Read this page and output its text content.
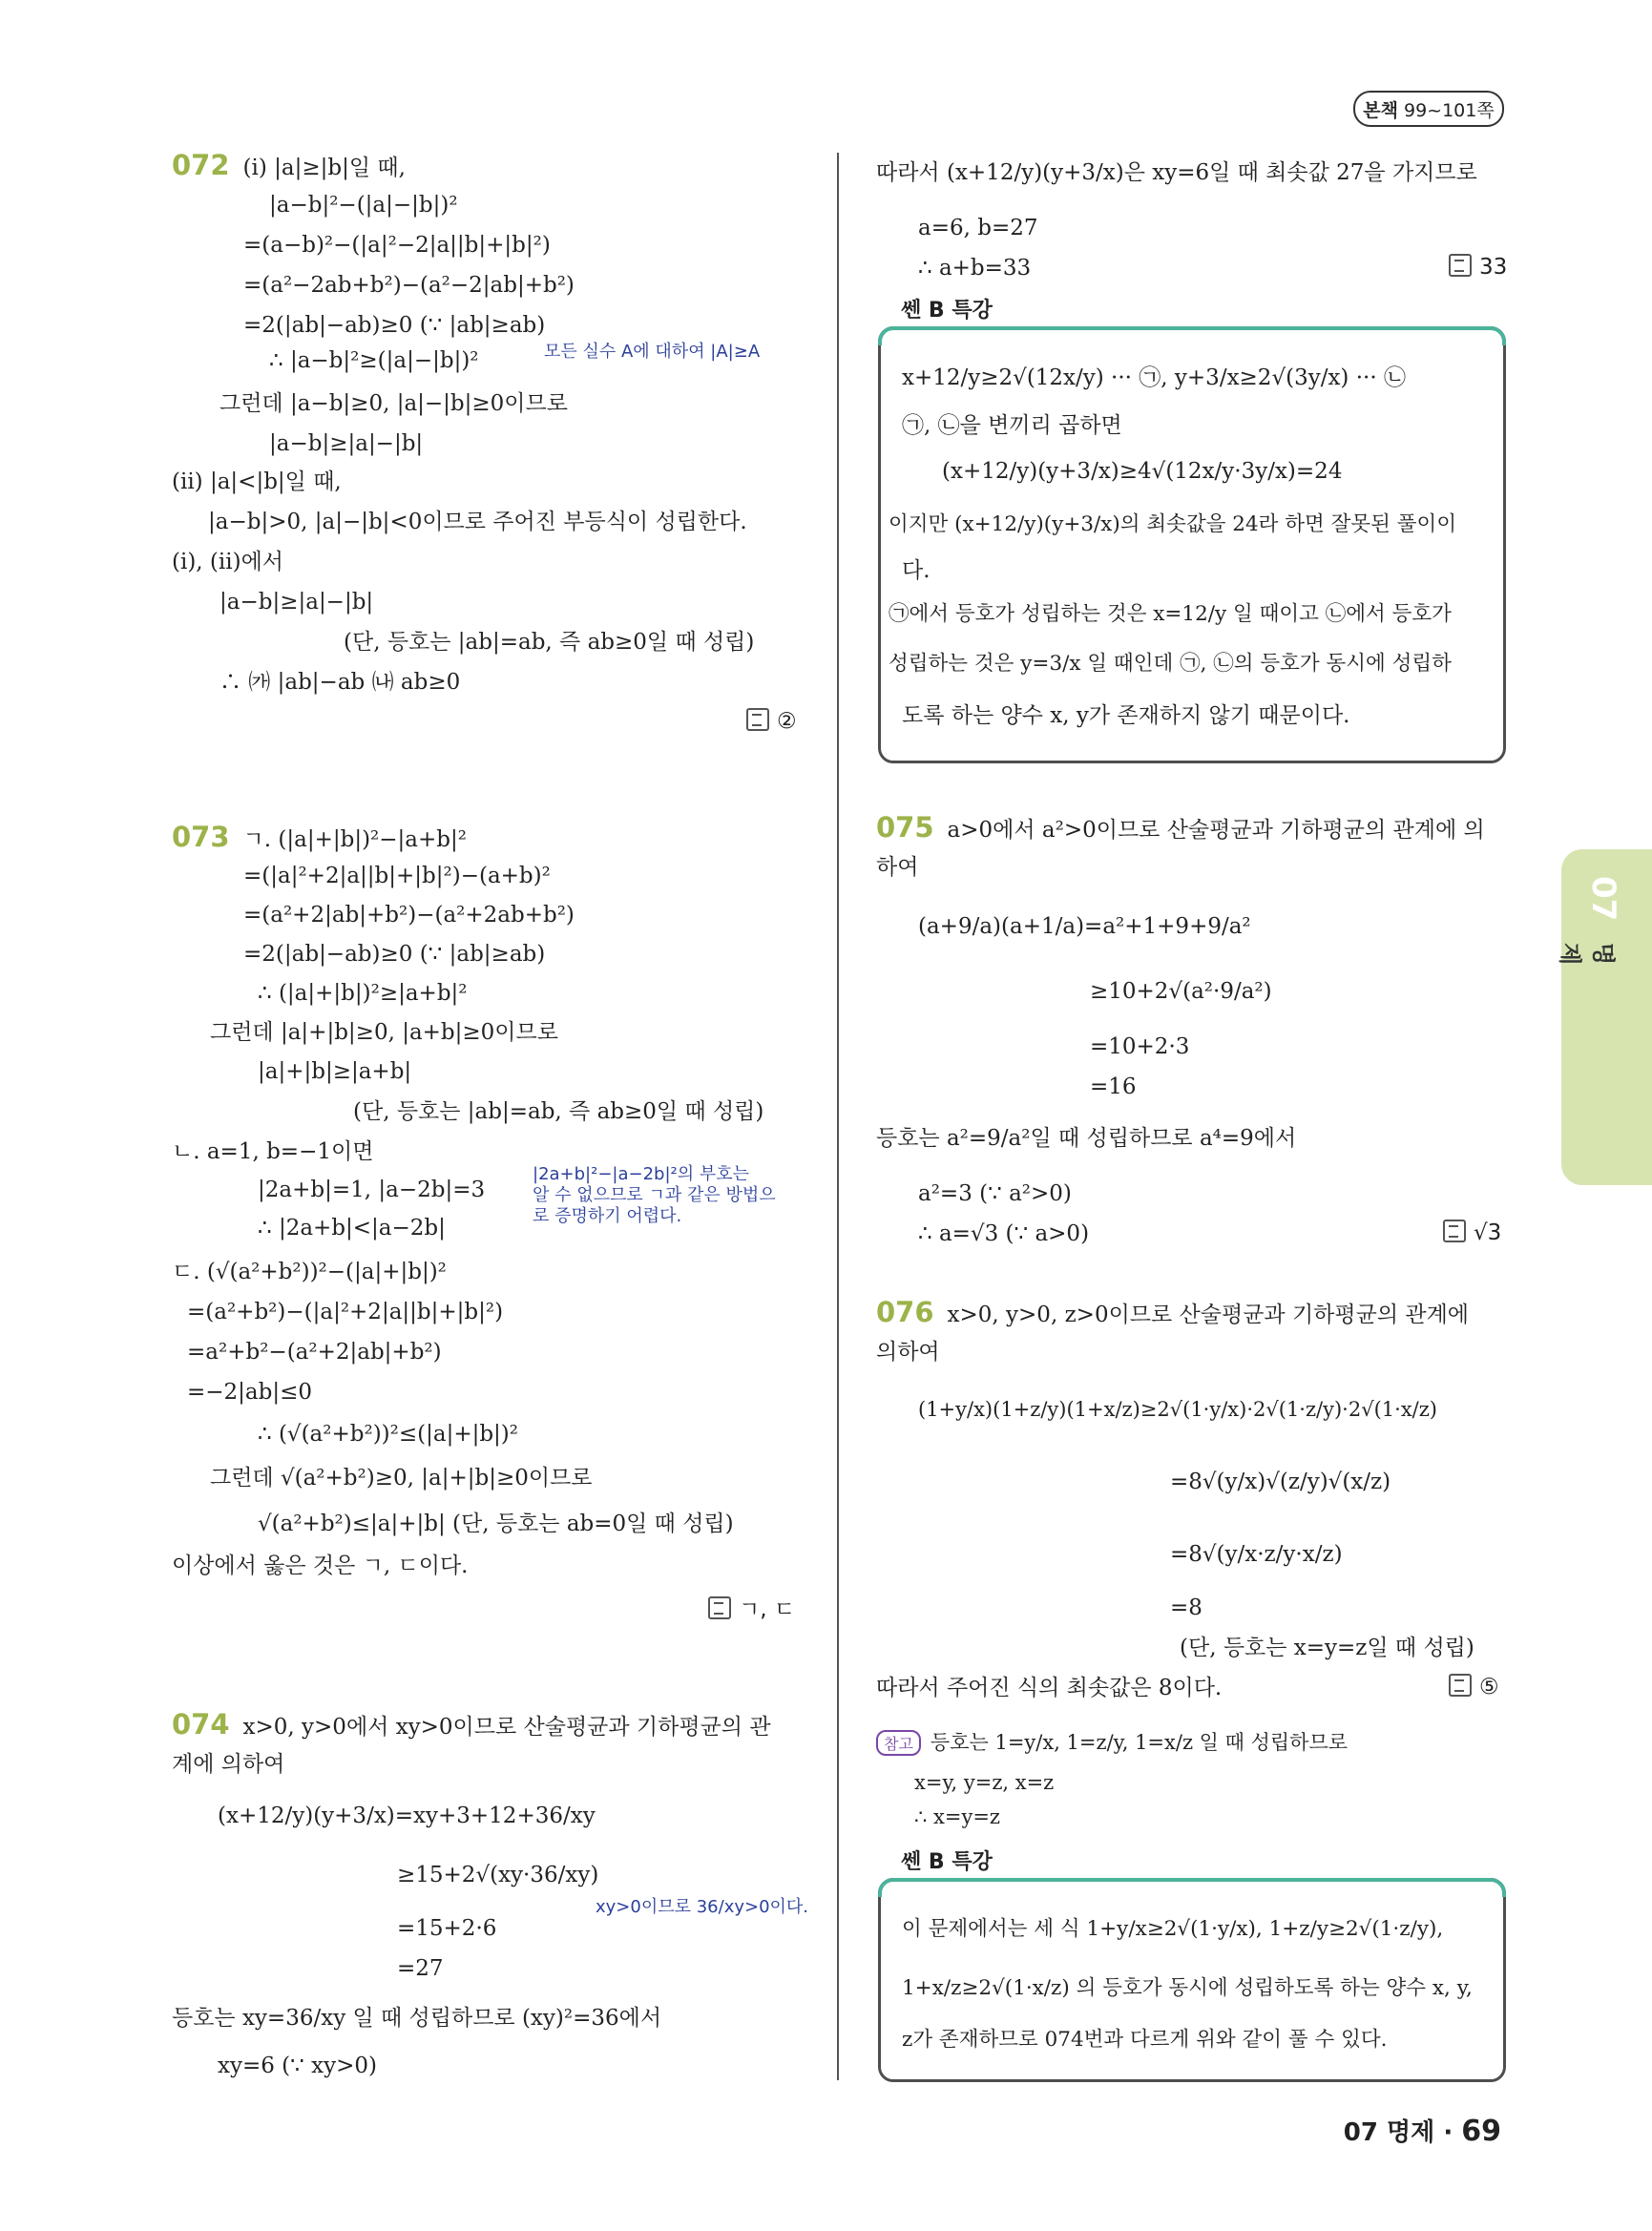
본책 99~101쪽
07
명제
072 (i) |a|≥|b|일 때,
|a−b|²−(|a|−|b|)²
=(a−b)²−(|a|²−2|a||b|+|b|²)
=(a²−2ab+b²)−(a²−2|ab|+b²)
=2(|ab|−ab)≥0 (∵ |ab|≥ab)
∴ |a−b|²≥(|a|−|b|)²	모든 실수 A에 대하여 |A|≥A
그런데 |a−b|≥0, |a|−|b|≥0이므로
|a−b|≥|a|−|b|
(ii) |a|<|b|일 때,
|a−b|>0, |a|−|b|<0이므로 주어진 부등식이 성립한다.
(i), (ii)에서
|a−b|≥|a|−|b|
(단, 등호는 |ab|=ab, 즉 ab≥0일 때 성립)
∴ ㈎ |ab|−ab ㈏ ab≥0
②
073 ㄱ. (|a|+|b|)²−|a+b|²
=(|a|²+2|a||b|+|b|²)−(a+b)²
=(a²+2|ab|+b²)−(a²+2ab+b²)
=2(|ab|−ab)≥0 (∵ |ab|≥ab)
∴ (|a|+|b|)²≥|a+b|²
그런데 |a|+|b|≥0, |a+b|≥0이므로
|a|+|b|≥|a+b|
(단, 등호는 |ab|=ab, 즉 ab≥0일 때 성립)
ㄴ. a=1, b=−1이면
|2a+b|=1, |a−2b|=3
∴ |2a+b|<|a−2b|
|2a+b|²−|a−2b|²의 부호는
알 수 없으므로 ㄱ과 같은 방법으
로 증명하기 어렵다.
ㄷ. (√(a²+b²))²−(|a|+|b|)²
=(a²+b²)−(|a|²+2|a||b|+|b|²)
=a²+b²−(a²+2|ab|+b²)
=−2|ab|≤0
∴ (√(a²+b²))²≤(|a|+|b|)²
그런데 √(a²+b²)≥0, |a|+|b|≥0이므로
√(a²+b²)≤|a|+|b| (단, 등호는 ab=0일 때 성립)
이상에서 옳은 것은 ㄱ, ㄷ이다.
ㄱ, ㄷ
074 x>0, y>0에서 xy>0이므로 산술평균과 기하평균의 관
계에 의하여
(x+12/y)(y+3/x)=xy+3+12+36/xy
≥15+2√(xy·36/xy)
xy>0이므로 36/xy>0이다.
=15+2·6
=27
등호는 xy=36/xy 일 때 성립하므로 (xy)²=36에서
xy=6 (∵ xy>0)
따라서 (x+12/y)(y+3/x)은 xy=6일 때 최솟값 27을 가지므로
a=6, b=27
∴ a+b=33	33
쎈 B 특강
x+12/y≥2√(12x/y) ··· ㉠, y+3/x≥2√(3y/x) ··· ㉡
㉠, ㉡을 변끼리 곱하면
(x+12/y)(y+3/x)≥4√(12x/y·3y/x)=24
이지만 (x+12/y)(y+3/x)의 최솟값을 24라 하면 잘못된 풀이이
다.
㉠에서 등호가 성립하는 것은 x=12/y 일 때이고 ㉡에서 등호가
성립하는 것은 y=3/x 일 때인데 ㉠, ㉡의 등호가 동시에 성립하
도록 하는 양수 x, y가 존재하지 않기 때문이다.
075 a>0에서 a²>0이므로 산술평균과 기하평균의 관계에 의
하여
(a+9/a)(a+1/a)=a²+1+9+9/a²
≥10+2√(a²·9/a²)
=10+2·3
=16
등호는 a²=9/a²일 때 성립하므로 a⁴=9에서
a²=3 (∵ a²>0)
∴ a=√3 (∵ a>0)	√3
076 x>0, y>0, z>0이므로 산술평균과 기하평균의 관계에
의하여
(1+y/x)(1+z/y)(1+x/z)≥2√(1·y/x)·2√(1·z/y)·2√(1·x/z)
=8√(y/x)√(z/y)√(x/z)
=8√(y/x·z/y·x/z)
=8
(단, 등호는 x=y=z일 때 성립)
따라서 주어진 식의 최솟값은 8이다.	⑤
참고 등호는 1=y/x, 1=z/y, 1=x/z 일 때 성립하므로
x=y, y=z, x=z
∴ x=y=z
쎈 B 특강
이 문제에서는 세 식 1+y/x≥2√(1·y/x), 1+z/y≥2√(1·z/y),
1+x/z≥2√(1·x/z) 의 등호가 동시에 성립하도록 하는 양수 x, y,
z가 존재하므로 074번과 다르게 위와 같이 풀 수 있다.
07 명제 · 69
